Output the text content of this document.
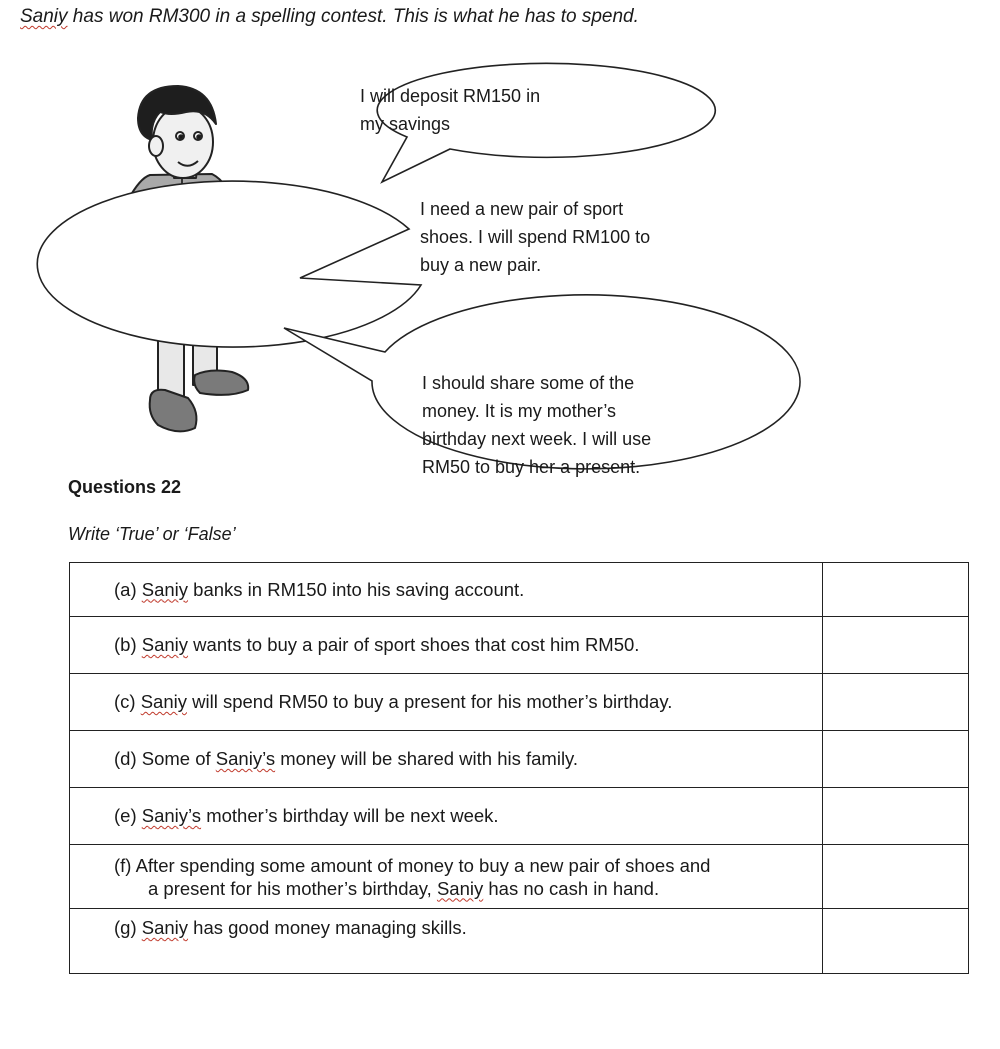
Saniy has won RM300 in a spelling contest. This is what he has to spend.
I will deposit RM150 in
my savings
I need a new pair of sport
shoes. I will spend RM100 to
buy a new pair.
I should share some of the
money. It is my mother’s
birthday next week. I will use
RM50 to buy her a present.
Questions 22
Write ‘True’ or ‘False’
(a) Saniy banks in RM150 into his saving account.	
(b) Saniy wants to buy a pair of sport shoes that cost him RM50.	
(c) Saniy will spend RM50 to buy a present for his mother’s birthday.	
(d) Some of Saniy’s money will be shared with his family.	
(e) Saniy’s mother’s birthday will be next week.	

(f) After spending some amount of money to buy a new pair of shoes and
a present for his mother’s birthday, Saniy has no cash in hand.	

(g) Saniy has good money managing skills.	
